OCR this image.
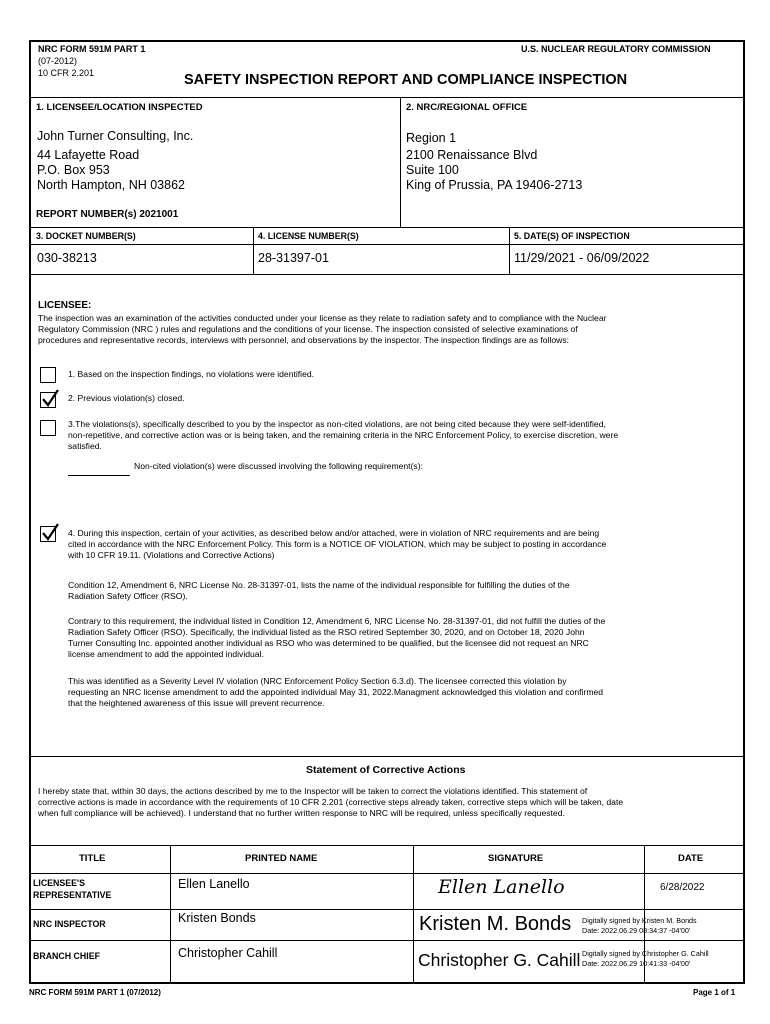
NRC FORM 591M PART 1
(07-2012)
10 CFR 2.201
U.S. NUCLEAR REGULATORY COMMISSION
SAFETY INSPECTION REPORT AND COMPLIANCE INSPECTION
1. LICENSEE/LOCATION INSPECTED
John Turner Consulting, Inc.
44 Lafayette Road
P.O. Box 953
North Hampton, NH 03862
REPORT NUMBER(s) 2021001
2. NRC/REGIONAL OFFICE
Region 1
2100 Renaissance Blvd
Suite 100
King of Prussia, PA 19406-2713
3. DOCKET NUMBER(S)
030-38213
4. LICENSE NUMBER(S)
28-31397-01
5. DATE(S) OF INSPECTION
11/29/2021 - 06/09/2022
LICENSEE:
The inspection was an examination of the activities conducted under your license as they relate to radiation safety and to compliance with the Nuclear
Regulatory Commission (NRC ) rules and regulations and the conditions of your license. The inspection consisted of selective examinations of
procedures and representative records, interviews with personnel, and observations by the inspector. The inspection findings are as follows:
1. Based on the inspection findings, no violations were identified.
2. Previous violation(s) closed.
3.The violations(s), specifically described to you by the inspector as non-cited violations, are not being cited because they were self-identified,
non-repetitive, and corrective action was or is being taken, and the remaining criteria in the NRC Enforcement Policy, to exercise discretion, were
satisfied.
Non-cited violation(s) were discussed involving the following requirement(s):
4. During this inspection, certain of your activities, as described below and/or attached, were in violation of NRC requirements and are being
cited in accordance with the NRC Enforcement Policy. This form is a NOTICE OF VIOLATION, which may be subject to posting in accordance
with 10 CFR 19.11. (Violations and Corrective Actions)
Condition 12, Amendment 6, NRC License No. 28-31397-01, lists the name of the individual responsible for fulfilling the duties of the
Radiation Safety Officer (RSO).
Contrary to this requirement, the individual listed in Condition 12, Amendment 6, NRC License No. 28-31397-01, did not fulfill the duties of the
Radiation Safety Officer (RSO). Specifically, the individual listed as the RSO retired September 30, 2020, and on October 18, 2020 John
Turner Consulting Inc. appointed another individual as RSO who was determined to be qualified, but the licensee did not request an NRC
license amendment to add the appointed individual.
This was identified as a Severity Level IV violation (NRC Enforcement Policy Section 6.3.d). The licensee corrected this violation by
requesting an NRC license amendment to add the appointed individual May 31, 2022.Managment acknowledged this violation and confirmed
that the heightened awareness of this issue will prevent recurrence.
Statement of Corrective Actions
I hereby state that, within 30 days, the actions described by me to the Inspector will be taken to correct the violations identified. This statement of
corrective actions is made in accordance with the requirements of 10 CFR 2.201 (corrective steps already taken, corrective steps which will be taken, date
when full compliance will be achieved). I understand that no further written response to NRC will be required, unless specifically requested.
TITLE	PRINTED NAME	SIGNATURE	DATE
LICENSEE'S
REPRESENTATIVE
Ellen Lanello	Ellen Lanello	6/28/2022
NRC INSPECTOR	Kristen Bonds	Kristen M. Bonds Digitally signed by Kristen M. Bonds
Date: 2022.06.29 08:34:37 -04'00'
BRANCH CHIEF	Christopher Cahill	Christopher G. Cahill Digitally signed by Christopher G. Cahill
Date: 2022.06.29 10:41:33 -04'00'
NRC FORM 591M PART 1 (07/2012)	Page 1 of 1
